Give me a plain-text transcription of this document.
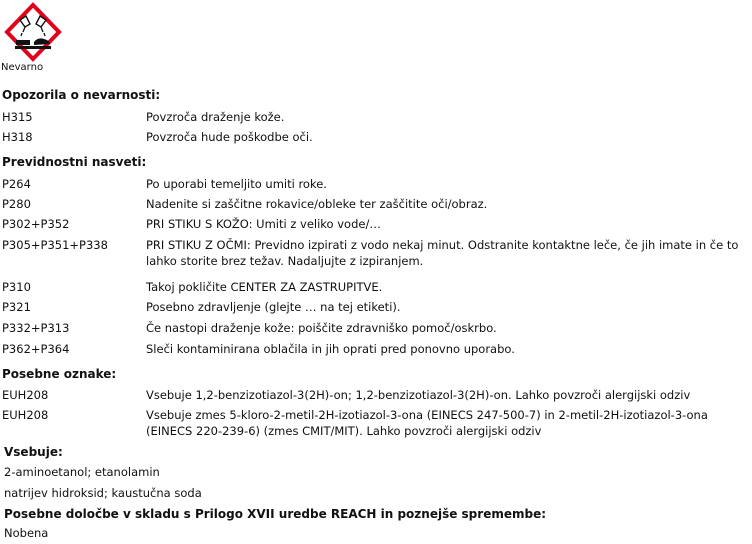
Nevarno
Opozorila o nevarnosti:
H315	Povzroča draženje kože.
H318	Povzroča hude poškodbe oči.
Previdnostni nasveti:
P264	Po uporabi temeljito umiti roke.
P280	Nadenite si zaščitne rokavice/obleke ter zaščitite oči/obraz.
P302+P352	PRI STIKU S KOŽO: Umiti z veliko vode/…
P305+P351+P338	PRI STIKU Z OČMI: Previdno izpirati z vodo nekaj minut. Odstranite kontaktne leče, če jih imate in če to lahko storite brez težav. Nadaljujte z izpiranjem.
P310	Takoj pokličite CENTER ZA ZASTRUPITVE.
P321	Posebno zdravljenje (glejte … na tej etiketi).
P332+P313	Če nastopi draženje kože: poiščite zdravniško pomoč/oskrbo.
P362+P364	Sleči kontaminirana oblačila in jih oprati pred ponovno uporabo.
Posebne oznake:
EUH208	Vsebuje 1,2-benzizotiazol-3(2H)-on; 1,2-benzizotiazol-3(2H)-on. Lahko povzroči alergijski odziv
EUH208	Vsebuje zmes 5-kloro-2-metil-2H-izotiazol-3-ona (EINECS 247-500-7) in 2-metil-2H-izotiazol-3-ona (EINECS 220-239-6) (zmes CMIT/MIT). Lahko povzroči alergijski odziv
Vsebuje:
2-aminoetanol; etanolamin
natrijev hidroksid; kaustučna soda
Posebne določbe v skladu s Prilogo XVII uredbe REACH in poznejše spremembe:
Nobena
